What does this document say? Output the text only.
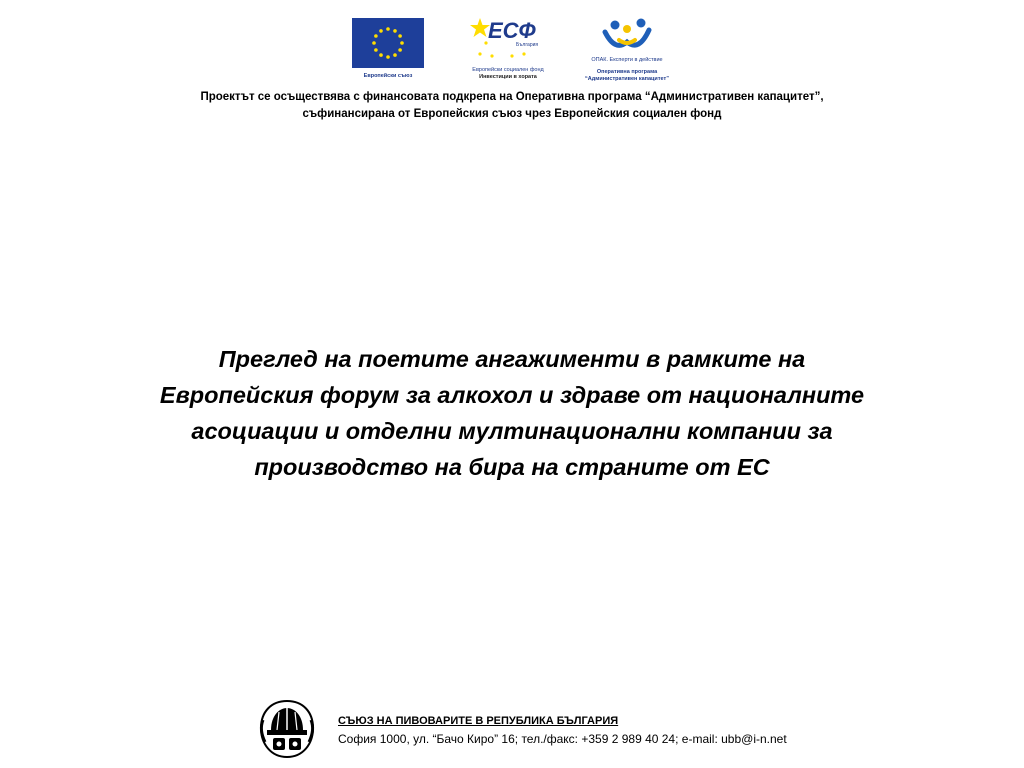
Европейски съюз
ЕСФ
България
Европейски социален фонд
Инвестиции в хората
ОПАК. Експерти в действие
Оперативна програма
“Административен капацитет”
Проектът се осъществява с финансовата подкрепа на Оперативна програма “Административен капацитет”,
съфинансирана от Европейския съюз чрез Европейския социален фонд
Преглед на поетите ангажименти в рамките на
Европейския форум за алкохол и здраве от националните
асоциации и отделни мултинационални компании за
производство на бира на страните от ЕС
СЪЮЗ НА ПИВОВАРИТЕ В РЕПУБЛИКА БЪЛГАРИЯ
София 1000, ул. “Бачо Киро” 16; тел./факс: +359 2 989 40 24; e-mail: ubb@i-n.net
